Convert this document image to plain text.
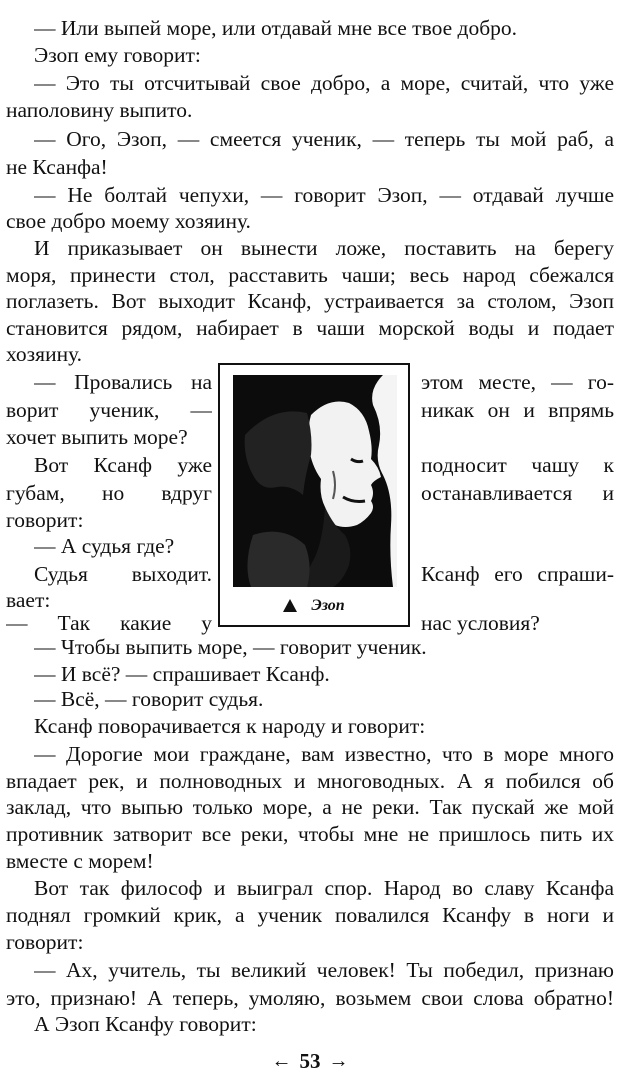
— Или выпей море, или отдавай мне все твое добро.
Эзоп ему говорит:
— Это ты отсчитывай свое добро, а море, считай, что уже
наполовину выпито.
— Ого, Эзоп, — смеется ученик, — теперь ты мой раб, а
не Ксанфа!
— Не болтай чепухи, — говорит Эзоп, — отдавай лучше
свое добро моему хозяину.
И приказывает он вынести ложе, поставить на берегу
моря, принести стол, расставить чаши; весь народ сбежался
поглазеть. Вот выходит Ксанф, устраивается за столом, Эзоп
становится рядом, набирает в чаши морской воды и подает
хозяину.
— Провались на	этом месте, — го-
ворит ученик, —	никак он и впрямь
хочет выпить море?
Вот Ксанф уже	подносит чашу к
губам, но вдруг	останавливается и
говорит:
— А судья где?
Судья выходит.	Ксанф его спраши-
вает:
— Так какие у	нас условия?
Эзоп
— Чтобы выпить море, — говорит ученик.
— И всё? — спрашивает Ксанф.
— Всё, — говорит судья.
Ксанф поворачивается к народу и говорит:
— Дорогие мои граждане, вам известно, что в море много
впадает рек, и полноводных и многоводных. А я побился об
заклад, что выпью только море, а не реки. Так пускай же мой
противник затворит все реки, чтобы мне не пришлось пить их
вместе с морем!
Вот так философ и выиграл спор. Народ во славу Ксанфа
поднял громкий крик, а ученик повалился Ксанфу в ноги и
говорит:
— Ах, учитель, ты великий человек! Ты победил, признаю
это, признаю! А теперь, умоляю, возьмем свои слова обратно!
А Эзоп Ксанфу говорит:
← 53 →
